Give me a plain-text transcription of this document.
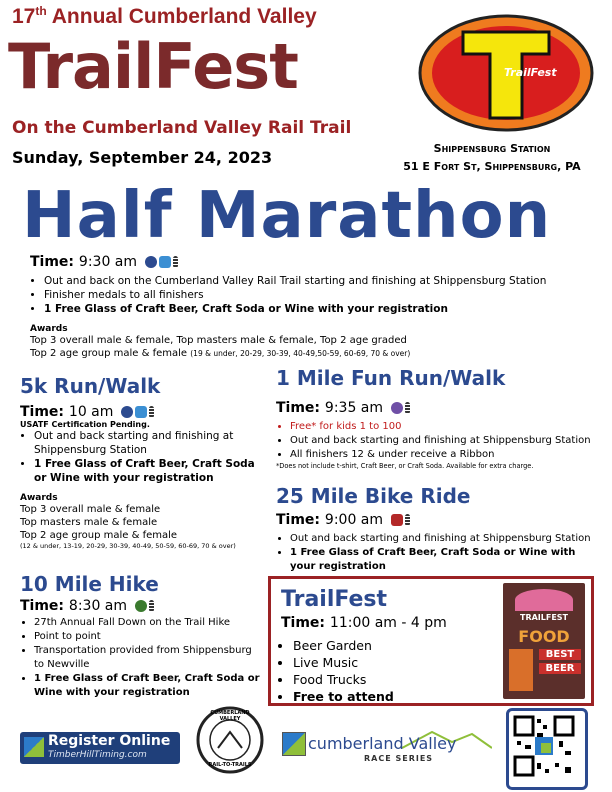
17th Annual Cumberland Valley
TrailFest
On the Cumberland Valley Rail Trail
Sunday, September 24, 2023
TrailFest
Shippensburg Station
51 E Fort St, Shippensburg, PA
Half Marathon
Time: 9:30 am
• Out and back on the Cumberland Valley Rail Trail starting and finishing at Shippensburg Station
• Finisher medals to all finishers
• 1 Free Glass of Craft Beer, Craft Soda or Wine with your registration
Awards
Top 3 overall male & female, Top masters male & female, Top 2 age graded
Top 2 age group male & female (19 & under, 20-29, 30-39, 40-49,50-59, 60-69, 70 & over)
5k Run/Walk
Time: 10 am
USATF Certification Pending.
• Out and back starting and finishing at Shippensburg Station
• 1 Free Glass of Craft Beer, Craft Soda or Wine with your registration
Awards
Top 3 overall male & female
Top masters male & female
Top 2 age group male & female
(12 & under, 13-19, 20-29, 30-39, 40-49, 50-59, 60-69, 70 & over)
1 Mile Fun Run/Walk
Time: 9:35 am
• Free* for kids 1 to 100
• Out and back starting and finishing at Shippensburg Station
• All finishers 12 & under receive a Ribbon
*Does not include t-shirt, Craft Beer, or Craft Soda. Available for extra charge.
25 Mile Bike Ride
Time: 9:00 am
• Out and back starting and finishing at Shippensburg Station
• 1 Free Glass of Craft Beer, Craft Soda or Wine with your registration
10 Mile Hike
Time: 8:30 am
• 27th Annual Fall Down on the Trail Hike
• Point to point
• Transportation provided from Shippensburg to Newville
• 1 Free Glass of Craft Beer, Craft Soda or Wine with your registration
TrailFest
Time: 11:00 am - 4 pm
• Beer Garden
• Live Music
• Food Trucks
• Free to attend
TRAILFEST
FOOD
BEST
BEER
Register Online
TimberHillTiming.com
CUMBERLAND VALLEY
RAIL-TO-TRAILS
cumberland Valley
RACE SERIES
